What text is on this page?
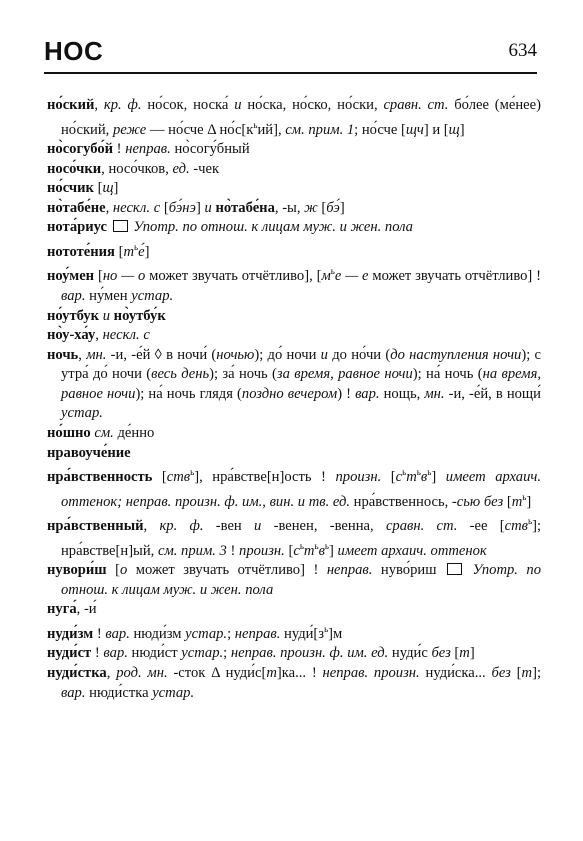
НОС	634
но́ский, кр. ф. но́сок, носка́ и но́ска, но́ско, но́ски, сравн. ст. бо́лее (ме́нее) но́ский, реже — но́сче Δ $но́с[к^ьий]$, см. прим. 1; но́сче [щч] и [щ]
но̀согубо́й ! неправ. но̀согу́бный
носо́чки, носо́чков, ед. -чек
но́счик [щ]
но̀табе́не, нескл. с [бэ́нэ] и но̀табе́на, -ы, ж [бэ́]
нота́риус Употр. по отнош. к лицам муж. и жен. пола
нототе́ния $[т^ье́]$
ноу́мен [но — о может звучать отчётливо], [$м^ье$ — е может звучать отчётливо] ! вар. ну́мен устар.
но́утбук и но̀утбу́к
но̀у-ха́у, нескл. с
ночь, мн. -и, -е́й ◊ в ночи́ (ночью); до́ ночи и до но́чи (до наступления ночи); с утра́ до́ ночи (весь день); за́ ночь (за время, равное ночи); на́ ночь (на время, равное ночи); на́ ночь глядя (поздно вечером) ! вар. нощь, мн. -и, -е́й, в нощи́ устар.
но́шно см. де́нно
нравоуче́ние
нра́вственность [ств$^ь$], нра́встве[н]ость ! произн. $[с^ьт^ьв^ь]$ имеет архаич. оттенок; неправ. произн. ф. им., вин. и тв. ед. нра́вственнось, -сью без $[т^ь]$
нра́вственный, кр. ф. -вен и -венен, -венна, сравн. ст. -ее [ств$^ь$]; нра́встве[н]ый, см. прим. 3 ! произн. $[с^ьт^ьв^ь]$ имеет архаич. оттенок
нувори́ш [о может звучать отчётливо] ! неправ. нуво́риш  Употр. по отнош. к лицам муж. и жен. пола
нуга́, -и́
нуди́зм ! вар. нюди́зм устар.; неправ. $нуди́[з^ь]м$
нуди́ст ! вар. нюди́ст устар.; неправ. произн. ф. им. ед. нуди́с без [т]
нуди́стка, род. мн. -сток Δ нуди́с[т]ка... ! неправ. произн. нуди́ска... без [т]; вар. нюди́стка устар.
